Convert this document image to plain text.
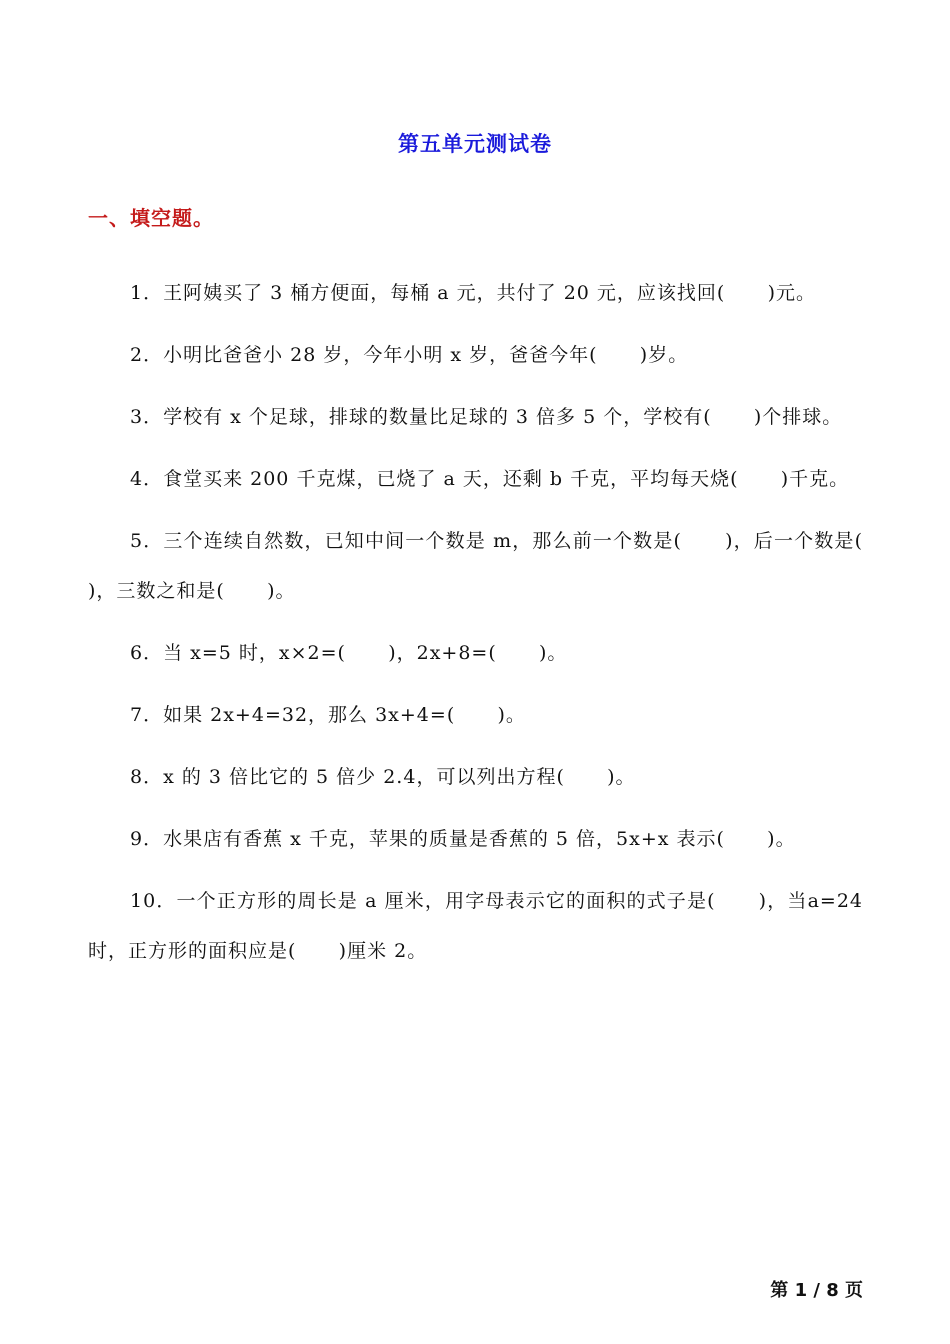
第五单元测试卷
一、填空题。

1．王阿姨买了 3 桶方便面，每桶 a 元，共付了 20 元，应该找回(      )元。

2．小明比爸爸小 28 岁，今年小明 x 岁，爸爸今年(      )岁。

3．学校有 x 个足球，排球的数量比足球的 3 倍多 5 个，学校有(      )个排球。

4．食堂买来 200 千克煤，已烧了 a 天，还剩 b 千克，平均每天烧(      )千克。

5．三个连续自然数，已知中间一个数是 m，那么前一个数是(      )，后一个数是(      )，三数之和是(      )。

6．当 x=5 时，x×2=(      )，2x+8=(      )。

7．如果 2x+4=32，那么 3x+4=(      )。

8．x 的 3 倍比它的 5 倍少 2.4，可以列出方程(      )。

9．水果店有香蕉 x 千克，苹果的质量是香蕉的 5 倍，5x+x 表示(      )。

10．一个正方形的周长是 a 厘米，用字母表示它的面积的式子是(      )，当a=24 时，正方形的面积应是(      )厘米 2。

第 1 / 8 页
